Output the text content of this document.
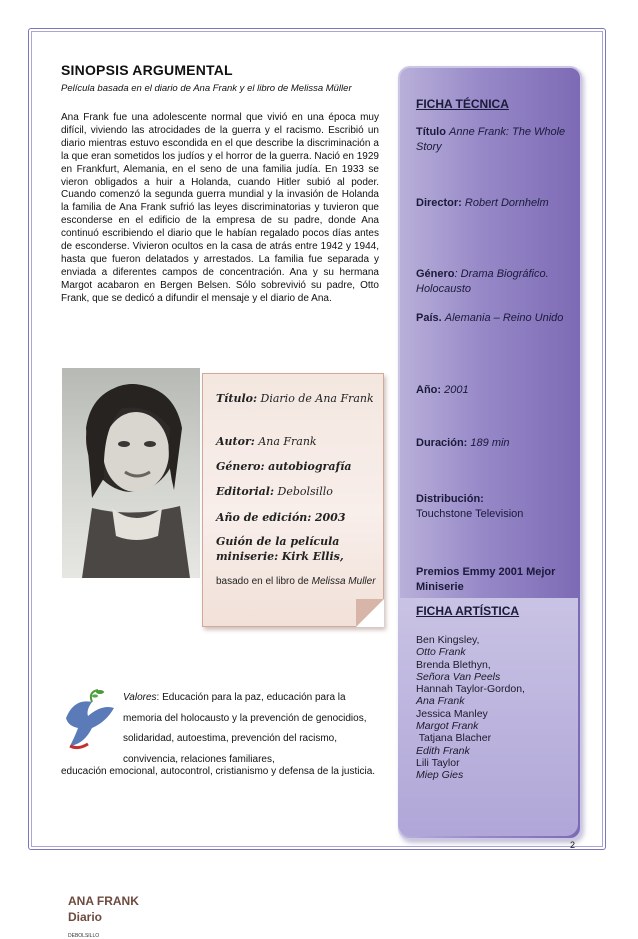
SINOPSIS ARGUMENTAL
Película basada en el diario de Ana Frank y el libro de Melissa Müller
Ana Frank fue una adolescente normal que vivió en una época muy difícil, viviendo las atrocidades de la guerra y el racismo. Escribió un diario mientras estuvo escondida en el que describe la discriminación a la que eran sometidos los judíos y el horror de la guerra. Nació en 1929 en Frankfurt, Alemania, en el seno de una familia judía. En 1933 se vieron obligados a huir a Holanda, cuando Hitler subió al poder. Cuando comenzó la segunda guerra mundial y la invasión de Holanda la familia de Ana Frank sufrió las leyes discriminatorias y tuvieron que esconderse en el edificio de la empresa de su padre, donde Ana continuó escribiendo el diario que le habían regalado pocos días antes de esconderse. Vivieron ocultos en la casa de atrás entre 1942 y 1944, hasta que fueron delatados y arrestados. La familia fue separada y enviada a diferentes campos de concentración. Ana y su hermana Margot acabaron en Bergen Belsen. Sólo sobrevivió su padre, Otto Frank, que se dedicó a difundir el mensaje y el diario de Ana.
ANA FRANK
Diario
DEBOLSILLO
Título: Diario de Ana Frank
Autor: Ana Frank
Género: autobiografía
Editorial: Debolsillo
Año de edición: 2003
Guión de la película miniserie: Kirk Ellis,
basado en el libro de Melissa Muller
Valores: Educación para la paz, educación para la memoria del holocausto y la prevención de genocidios, solidaridad, autoestima, prevención del racismo, convivencia, relaciones familiares,
educación emocional, autocontrol, cristianismo y defensa de la justicia.
FICHA TÉCNICA
Título Anne Frank: The Whole Story
Director: Robert Dornhelm
Género: Drama Biográfico. Holocausto
País. Alemania – Reino Unido
Año: 2001
Duración: 189 min
Distribución:
Touchstone Television
Premios Emmy 2001 Mejor Miniserie
FICHA ARTÍSTICA
Ben Kingsley,
Otto Frank
Brenda Blethyn,
Señora Van Peels
Hannah Taylor-Gordon,
Ana Frank
Jessica Manley
Margot Frank
Tatjana Blacher
Edith Frank
Lili Taylor
Miep Gies
2
